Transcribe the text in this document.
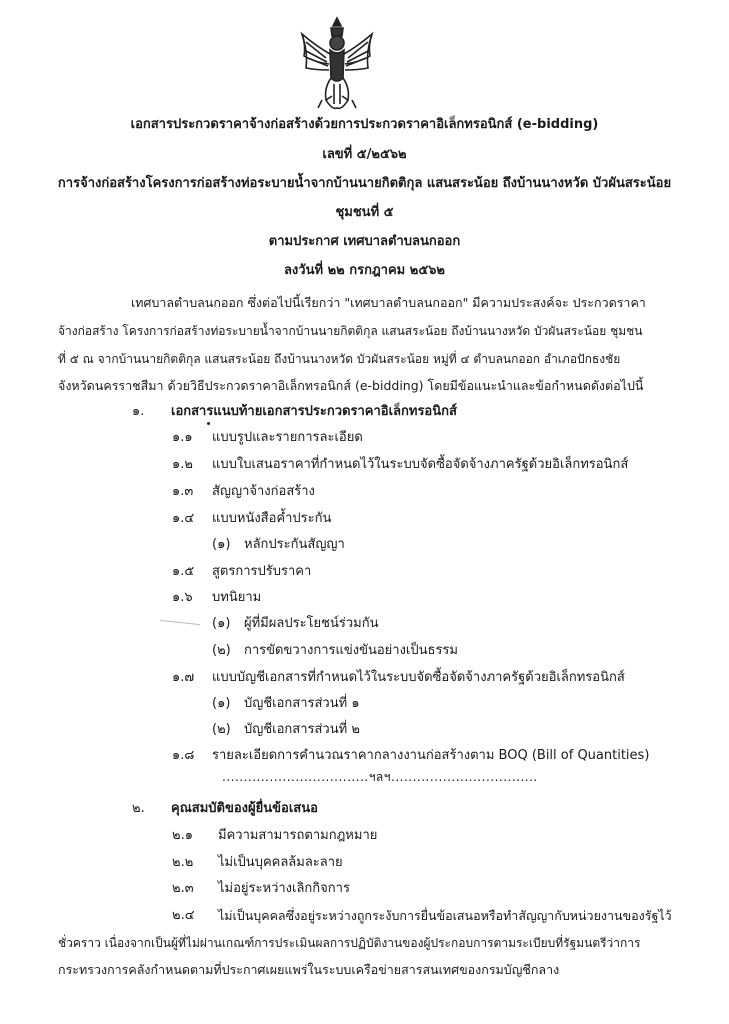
เอกสารประกวดราคาจ้างก่อสร้างด้วยการประกวดราคาอิเล็กทรอนิกส์ (e-bidding)
เลขที่ ๕/๒๕๖๒
การจ้างก่อสร้างโครงการก่อสร้างท่อระบายน้ำจากบ้านนายกิตติกุล แสนสระน้อย ถึงบ้านนางหวัด บัวผันสระน้อย
ชุมชนที่ ๕
ตามประกาศ เทศบาลตำบลนกออก
ลงวันที่ ๒๒ กรกฎาคม ๒๕๖๒
เทศบาลตำบลนกออก ซึ่งต่อไปนี้เรียกว่า "เทศบาลตำบลนกออก" มีความประสงค์จะ ประกวดราคา
จ้างก่อสร้าง โครงการก่อสร้างท่อระบายน้ำจากบ้านนายกิตติกุล แสนสระน้อย ถึงบ้านนางหวัด บัวผันสระน้อย ชุมชน
ที่ ๕ ณ จากบ้านนายกิตติกุล แสนสระน้อย ถึงบ้านนางหวัด บัวผันสระน้อย หมู่ที่ ๔ ตำบลนกออก อำเภอปักธงชัย
จังหวัดนครราชสีมา ด้วยวิธีประกวดราคาอิเล็กทรอนิกส์ (e-bidding) โดยมีข้อแนะนำและข้อกำหนดดังต่อไปนี้
๑. เอกสารแนบท้ายเอกสารประกวดราคาอิเล็กทรอนิกส์
๑.๑ แบบรูปและรายการละเอียด
๑.๒ แบบใบเสนอราคาที่กำหนดไว้ในระบบจัดซื้อจัดจ้างภาครัฐด้วยอิเล็กทรอนิกส์
๑.๓ สัญญาจ้างก่อสร้าง
๑.๔ แบบหนังสือค้ำประกัน
(๑) หลักประกันสัญญา
๑.๕ สูตรการปรับราคา
๑.๖ บทนิยาม
(๑) ผู้ที่มีผลประโยชน์ร่วมกัน
(๒) การขัดขวางการแข่งขันอย่างเป็นธรรม
๑.๗ แบบบัญชีเอกสารที่กำหนดไว้ในระบบจัดซื้อจัดจ้างภาครัฐด้วยอิเล็กทรอนิกส์
(๑) บัญชีเอกสารส่วนที่ ๑
(๒) บัญชีเอกสารส่วนที่ ๒
๑.๘ รายละเอียดการคำนวณราคากลางงานก่อสร้างตาม BOQ (Bill of Quantities)
..................................ฯลฯ..................................
๒. คุณสมบัติของผู้ยื่นข้อเสนอ
๒.๑ มีความสามารถตามกฎหมาย
๒.๒ ไม่เป็นบุคคลล้มละลาย
๒.๓ ไม่อยู่ระหว่างเลิกกิจการ
๒.๔ ไม่เป็นบุคคลซึ่งอยู่ระหว่างถูกระงับการยื่นข้อเสนอหรือทำสัญญากับหน่วยงานของรัฐไว้
ชั่วคราว เนื่องจากเป็นผู้ที่ไม่ผ่านเกณฑ์การประเมินผลการปฏิบัติงานของผู้ประกอบการตามระเบียบที่รัฐมนตรีว่าการ
กระทรวงการคลังกำหนดตามที่ประกาศเผยแพร่ในระบบเครือข่ายสารสนเทศของกรมบัญชีกลาง
